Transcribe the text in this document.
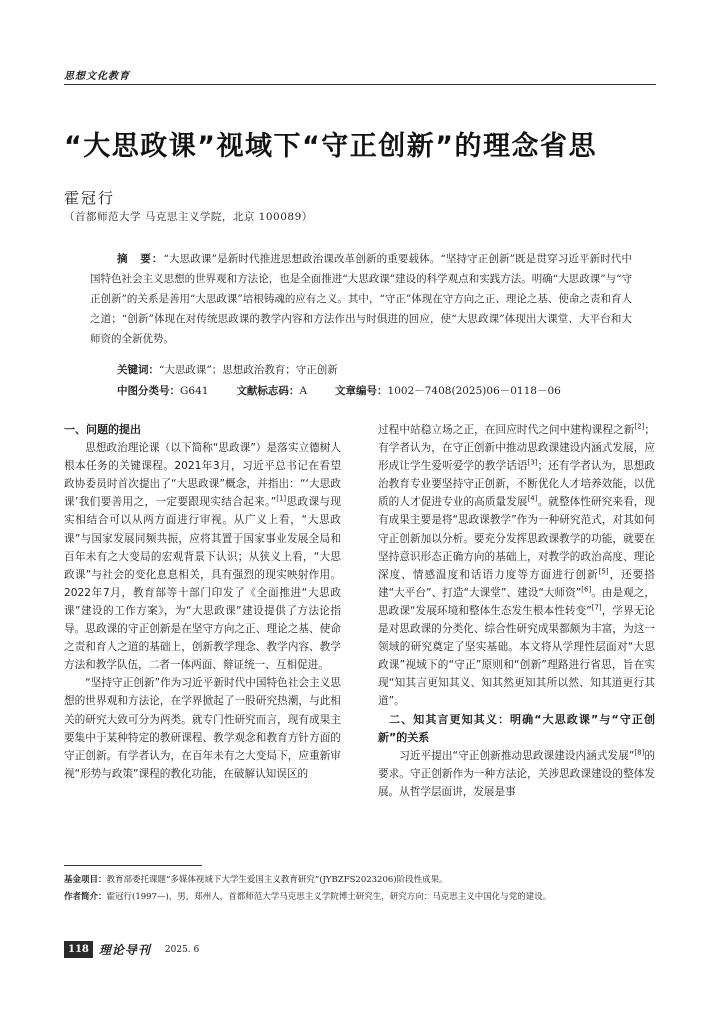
思想文化教育
“大思政课”视域下“守正创新”的理念省思
霍冠行
（首都师范大学 马克思主义学院，北京 100089）
摘　要：“大思政课”是新时代推进思想政治课改革创新的重要载体。“坚持守正创新”既是贯穿习近平新时代中国特色社会主义思想的世界观和方法论，也是全面推进“大思政课”建设的科学观点和实践方法。明确“大思政课”与“守正创新”的关系是善用“大思政课”培根铸魂的应有之义。其中，“守正”体现在守方向之正、理论之基、使命之责和育人之道；“创新”体现在对传统思政课的教学内容和方法作出与时俱进的回应，使“大思政课”体现出大课堂、大平台和大师资的全新优势。
关键词：“大思政课”；思想政治教育；守正创新
中图分类号：G641	文献标志码：A	文章编号：1002－7408(2025)06－0118－06
一、问题的提出

思想政治理论课（以下简称“思政课”）是落实立德树人根本任务的关键课程。2021年3月，习近平总书记在看望政协委员时首次提出了“大思政课”概念，并指出：“‘大思政课’我们要善用之，一定要跟现实结合起来。”[1]思政课与现实相结合可以从两方面进行审视。从广义上看，“大思政课”与国家发展同频共振，应将其置于国家事业发展全局和百年未有之大变局的宏观背景下认识；从狭义上看，“大思政课”与社会的变化息息相关，具有强烈的现实映射作用。2022年7月，教育部等十部门印发了《全面推进“大思政课”建设的工作方案》，为“大思政课”建设提供了方法论指导。思政课的守正创新是在坚守方向之正、理论之基、使命之责和育人之道的基础上，创新教学理念、教学内容、教学方法和教学队伍，二者一体两面、辩证统一、互相促进。

“坚持守正创新”作为习近平新时代中国特色社会主义思想的世界观和方法论，在学界掀起了一股研究热潮，与此相关的研究大致可分为两类。就专门性研究而言，现有成果主要集中于某种特定的教研课程、教学观念和教育方针方面的守正创新。有学者认为，在百年未有之大变局下，应重新审视“形势与政策”课程的教化功能，在破解认知误区的

过程中站稳立场之正，在回应时代之问中建构课程之新[2]；有学者认为，在守正创新中推动思政课建设内涵式发展，应形成让学生爱听爱学的教学话语[3]；还有学者认为，思想政治教育专业要坚持守正创新，不断优化人才培养效能，以优质的人才促进专业的高质量发展[4]。就整体性研究来看，现有成果主要是将“思政课教学”作为一种研究范式，对其如何守正创新加以分析。要充分发挥思政课教学的功能，就要在坚持意识形态正确方向的基础上，对教学的政治高度、理论深度、情感温度和话语力度等方面进行创新[5]，还要搭建“大平台”、打造“大课堂”、建设“大师资”[6]。由是观之，思政课“发展环境和整体生态发生根本性转变”[7]，学界无论是对思政课的分类化、综合性研究成果都颇为丰富，为这一领域的研究奠定了坚实基础。本文将从学理性层面对“大思政课”视域下的“守正”原则和“创新”理路进行省思，旨在实现“知其言更知其义、知其然更知其所以然、知其道更行其道”。

二、知其言更知其义：明确“大思政课”与“守正创新”的关系

习近平提出“守正创新推动思政课建设内涵式发展”[8]的要求。守正创新作为一种方法论，关涉思政课建设的整体发展。从哲学层面讲，发展是事

基金项目：教育部委托课题“多媒体视域下大学生爱国主义教育研究”(JYBZFS2023206)阶段性成果。
作者简介：霍冠行(1997—)，男，郑州人，首都师范大学马克思主义学院博士研究生，研究方向：马克思主义中国化与党的建设。
118 理论导刊 2025. 6
